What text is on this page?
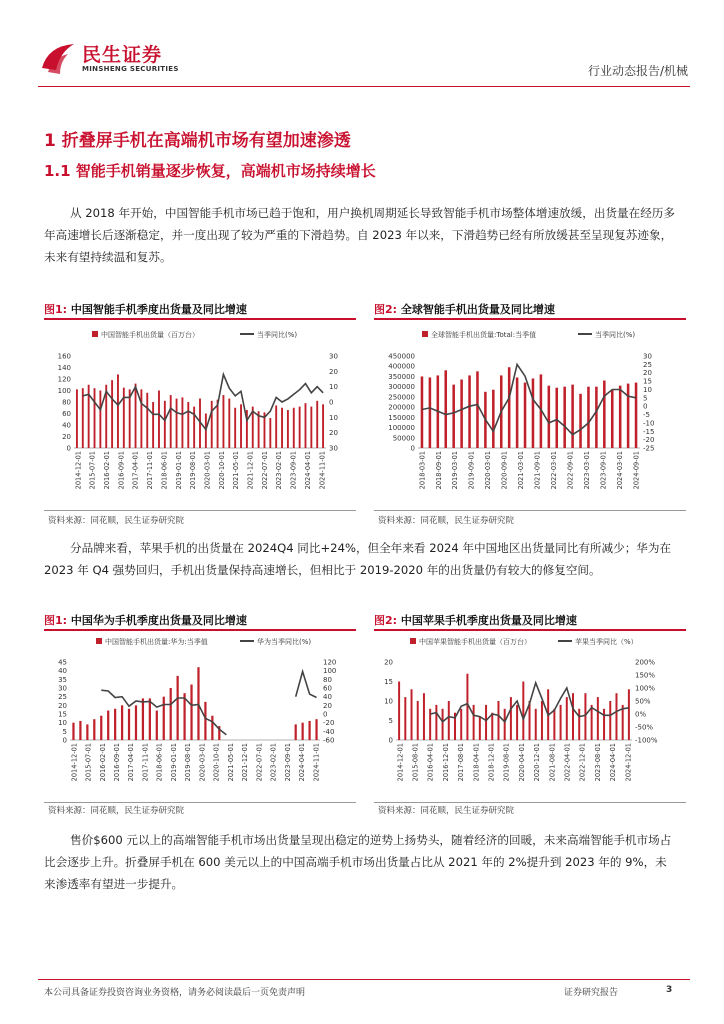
民生证券
MINSHENG SECURITIES	行业动态报告/机械
1 折叠屏手机在高端机市场有望加速渗透
1.1 智能手机销量逐步恢复，高端机市场持续增长
从 2018 年开始，中国智能手机市场已趋于饱和，用户换机周期延长导致智能手机市场整体增速放缓，出货量在经历多年高速增长后逐渐稳定，并一度出现了较为严重的下滑趋势。自 2023 年以来，下滑趋势已经有所放缓甚至呈现复苏迹象，未来有望持续温和复苏。
图1: 中国智能手机季度出货量及同比增速
中国智能手机出货量（百万台）	当季同比(%)
0
20
40
60
80
100
120
140
160
30
20
10
0
10
20
30
2014-12-01 2015-07-01 2016-02-01 2016-09-01 2017-04-01 2017-11-01 2018-06-01 2019-01-01 2019-08-01 2020-03-01 2020-10-01 2021-05-01 2021-12-01 2022-07-01 2023-02-01 2023-09-01 2024-04-01 2024-11-01
资料来源：同花顺，民生证券研究院
图2: 全球智能手机出货量及同比增速
全球智能手机出货量:Total:当季值	当季同比(%)
0
50000
100000
150000
200000
250000
300000
350000
400000
450000
-25
-20
-15
-10
-5
0
5
10
15
20
25
30
2018-03-01 2018-09-01 2019-03-01 2019-09-01 2020-03-01 2020-09-01 2021-03-01 2021-09-01 2022-03-01 2022-09-01 2023-03-01 2023-09-01 2024-03-01 2024-09-01
资料来源：同花顺，民生证券研究院
分品牌来看，苹果手机的出货量在 2024Q4 同比+24%，但全年来看 2024 年中国地区出货量同比有所减少；华为在 2023 年 Q4 强势回归，手机出货量保持高速增长，但相比于 2019-2020 年的出货量仍有较大的修复空间。
图1: 中国华为手机季度出货量及同比增速
中国智能手机出货量:华为:当季值	华为当季同比(%)
0
5
10
15
20
25
30
35
40
45
-60
-40
-20
0
20
40
60
80
100
120
2014-12-01 2015-07-01 2016-02-01 2016-09-01 2017-04-01 2017-11-01 2018-06-01 2019-01-01 2019-08-01 2020-03-01 2020-10-01 2021-05-01 2021-12-01 2022-07-01 2023-02-01 2023-09-01 2024-04-01 2024-11-01
资料来源：同花顺，民生证券研究院
图2: 中国苹果手机季度出货量及同比增速
中国苹果智能手机出货量（百万台）	苹果当季同比（%）
0
5
10
15
20
-100%
-50%
0%
50%
100%
150%
200%
2014-12-01 2015-08-01 2016-04-01 2016-12-01 2017-08-01 2018-04-01 2018-12-01 2019-08-01 2020-04-01 2020-12-01 2021-08-01 2022-04-01 2022-12-01 2023-08-01 2024-04-01 2024-12-01
资料来源：同花顺，民生证券研究院
售价$600 元以上的高端智能手机市场出货量呈现出稳定的逆势上扬势头，随着经济的回暖，未来高端智能手机市场占比会逐步上升。折叠屏手机在 600 美元以上的中国高端手机市场出货量占比从 2021 年的 2%提升到 2023 年的 9%，未来渗透率有望进一步提升。
本公司具备证券投资咨询业务资格，请务必阅读最后一页免责声明	证券研究报告	3
